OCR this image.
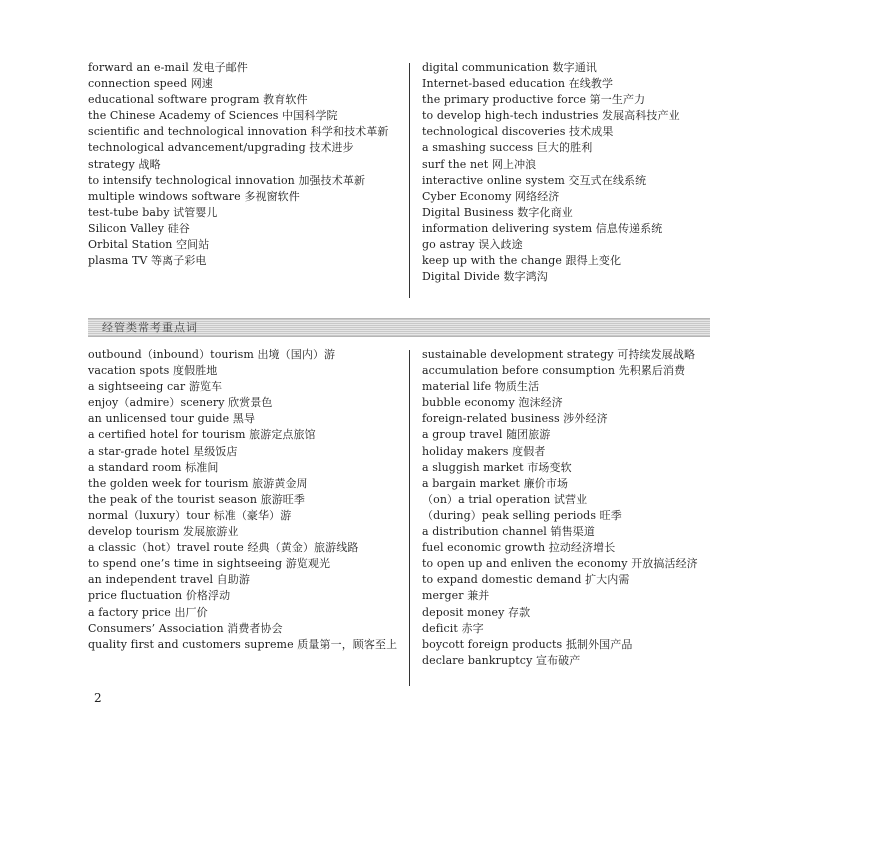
forward an e-mail 发电子邮件
connection speed 网速
educational software program 教育软件
the Chinese Academy of Sciences 中国科学院
scientific and technological innovation 科学和技术革新
technological advancement/upgrading 技术进步
strategy 战略
to intensify technological innovation 加强技术革新
multiple windows software 多视窗软件
test-tube baby 试管婴儿
Silicon Valley 硅谷
Orbital Station 空间站
plasma TV 等离子彩电
digital communication 数字通讯
Internet-based education 在线教学
the primary productive force 第一生产力
to develop high-tech industries 发展高科技产业
technological discoveries 技术成果
a smashing success 巨大的胜利
surf the net 网上冲浪
interactive online system 交互式在线系统
Cyber Economy 网络经济
Digital Business 数字化商业
information delivering system 信息传递系统
go astray 误入歧途
keep up with the change 跟得上变化
Digital Divide 数字鸿沟
经管类常考重点词
outbound（inbound）tourism 出境（国内）游
vacation spots 度假胜地
a sightseeing car 游览车
enjoy（admire）scenery 欣赏景色
an unlicensed tour guide 黑导
a certified hotel for tourism 旅游定点旅馆
a star-grade hotel 星级饭店
a standard room 标准间
the golden week for tourism 旅游黄金周
the peak of the tourist season 旅游旺季
normal（luxury）tour 标准（豪华）游
develop tourism 发展旅游业
a classic（hot）travel route 经典（黄金）旅游线路
to spend one’s time in sightseeing 游览观光
an independent travel 自助游
price fluctuation 价格浮动
a factory price 出厂价
Consumers’ Association 消费者协会
quality first and customers supreme 质量第一，顾客至上
sustainable development strategy 可持续发展战略
accumulation before consumption 先积累后消费
material life 物质生活
bubble economy 泡沫经济
foreign-related business 涉外经济
a group travel 随团旅游
holiday makers 度假者
a sluggish market 市场变软
a bargain market 廉价市场
（on）a trial operation 试营业
（during）peak selling periods 旺季
a distribution channel 销售渠道
fuel economic growth 拉动经济增长
to open up and enliven the economy 开放搞活经济
to expand domestic demand 扩大内需
merger 兼并
deposit money 存款
deficit 赤字
boycott foreign products 抵制外国产品
declare bankruptcy 宣布破产
2
